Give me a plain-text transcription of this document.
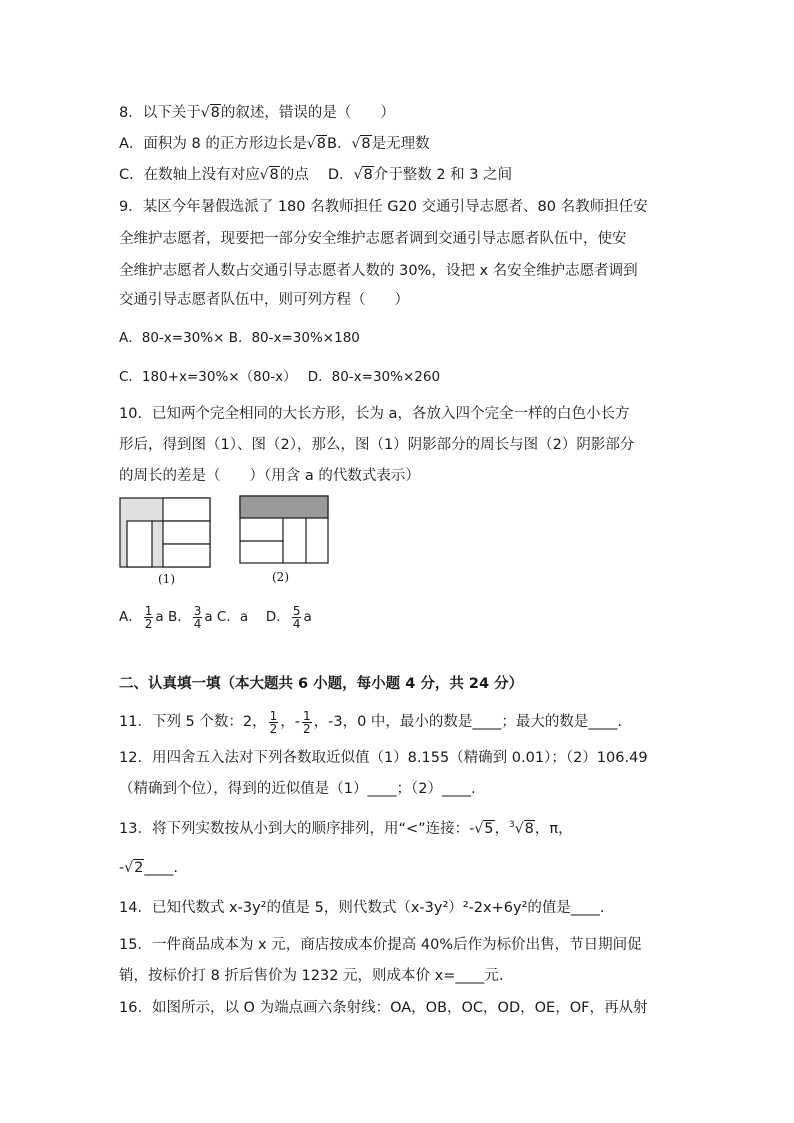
8．以下关于√8的叙述，错误的是（　　）
A．面积为 8 的正方形边长是√8B．√8是无理数
C．在数轴上没有对应√8的点　 D．√8介于整数 2 和 3 之间
9．某区今年暑假选派了 180 名教师担任 G20 交通引导志愿者、80 名教师担任安
全维护志愿者，现要把一部分安全维护志愿者调到交通引导志愿者队伍中，使安
全维护志愿者人数占交通引导志愿者人数的 30%，设把 x 名安全维护志愿者调到
交通引导志愿者队伍中，则可列方程（　　）
A．80-x=30%× B．80-x=30%×180
C．180+x=30%×（80-x）　 D．80-x=30%×260
10．已知两个完全相同的大长方形，长为 a，各放入四个完全一样的白色小长方
形后，得到图（1）、图（2），那么，图（1）阴影部分的周长与图（2）阴影部分
的周长的差是（　　）（用含 a 的代数式表示）
(1)	(2)
A． $\frac{1}{2}$ a B． $\frac{3}{4}$ a C．a　 D． $\frac{5}{4}$ a
二、认真填一填（本大题共 6 小题，每小题 4 分，共 24 分）
11．下列 5 个数：2， $\frac{1}{2}$ ，- $\frac{1}{2}$ ，-3，0 中，最小的数是____；最大的数是____.
12．用四舍五入法对下列各数取近似值（1）8.155（精确到 0.01）；（2）106.49
（精确到个位），得到的近似值是（1）____；（2）____.
13．将下列实数按从小到大的顺序排列，用“<”连接：-√5，$^3$√8，π，
-√2____.
14．已知代数式 x-3y²的值是 5，则代数式（x-3y²）²-2x+6y²的值是____.
15．一件商品成本为 x 元，商店按成本价提高 40%后作为标价出售，节日期间促
销，按标价打 8 折后售价为 1232 元，则成本价 x=____元.
16．如图所示，以 O 为端点画六条射线：OA，OB，OC，OD，OE，OF，再从射
